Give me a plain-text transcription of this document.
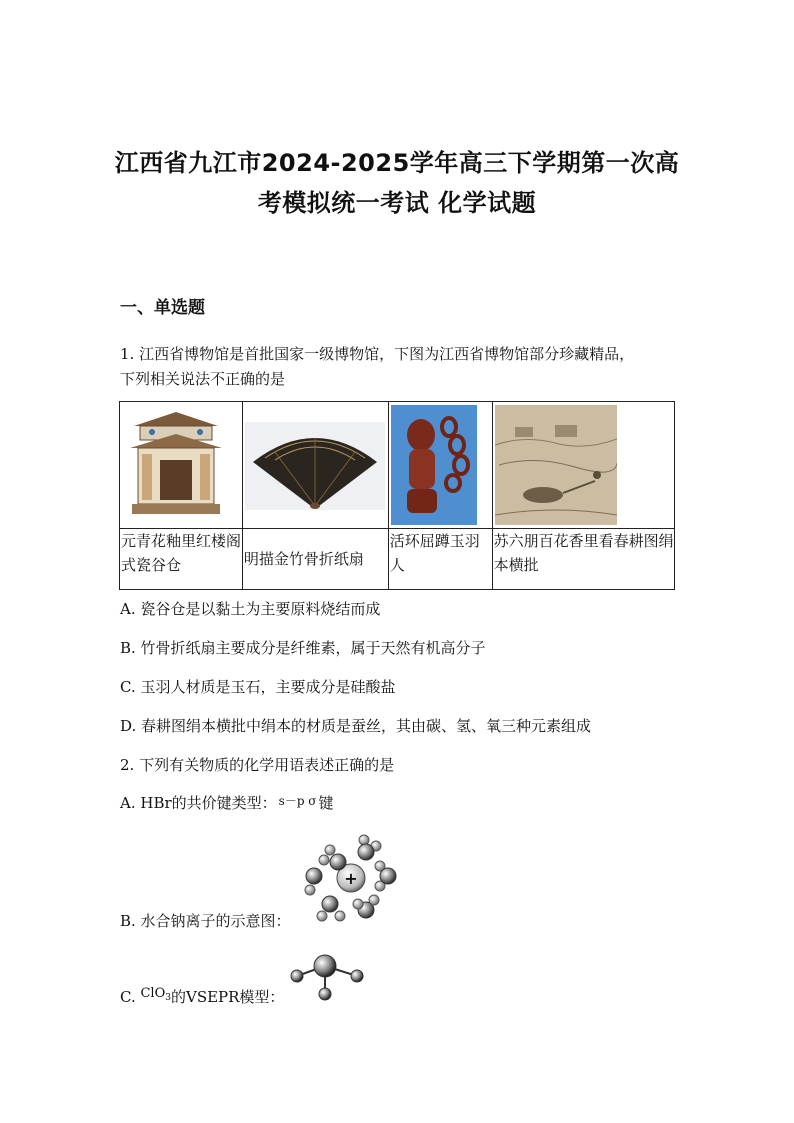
江西省九江市2024-2025学年高三下学期第一次高
考模拟统一考试 化学试题
一、单选题
1. 江西省博物馆是首批国家一级博物馆，下图为江西省博物馆部分珍藏精品，
下列相关说法不正确的是

元青花釉里红楼阁式瓷谷仓	明描金竹骨折纸扇	活环屈蹲玉羽人	苏六朋百花香里看春耕图绢本横批
A. 瓷谷仓是以黏土为主要原料烧结而成
B. 竹骨折纸扇主要成分是纤维素，属于天然有机高分子
C. 玉羽人材质是玉石，主要成分是硅酸盐
D. 春耕图绢本横批中绢本的材质是蚕丝，其由碳、氢、氧三种元素组成
2. 下列有关物质的化学用语表述正确的是
A. HBr的共价键类型： $^{s-p \sigma}$ 键
+
B. 水合钠离子的示意图：
C. ClO3的VSEPR模型：
